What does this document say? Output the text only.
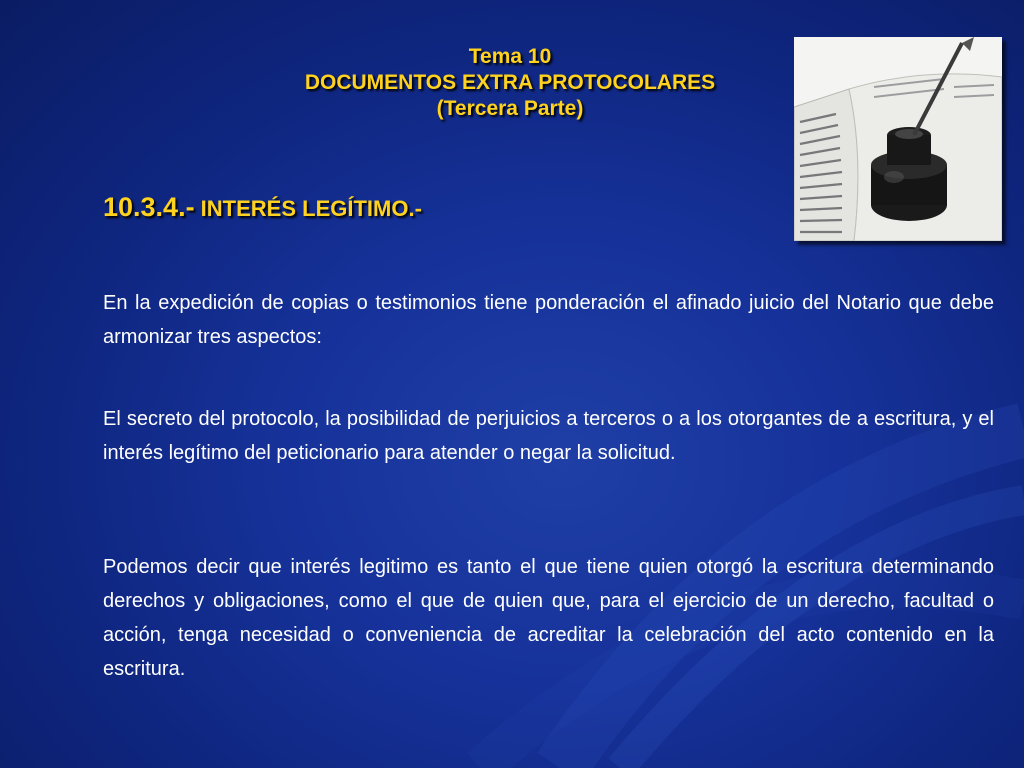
Tema 10
DOCUMENTOS EXTRA PROTOCOLARES
(Tercera Parte)
10.3.4.- INTERÉS LEGÍTIMO.-
En la expedición de copias o testimonios tiene ponderación el afinado juicio del Notario que debe armonizar tres aspectos:
El secreto del protocolo, la posibilidad de perjuicios a terceros o a los otorgantes de a escritura, y el interés legítimo del peticionario para atender o negar la solicitud.
Podemos decir que interés legitimo es tanto el que tiene quien otorgó la escritura determinando derechos y obligaciones, como el que de quien que, para el ejercicio de un derecho, facultad o acción, tenga necesidad o conveniencia de acreditar la celebración del acto contenido en la escritura.
